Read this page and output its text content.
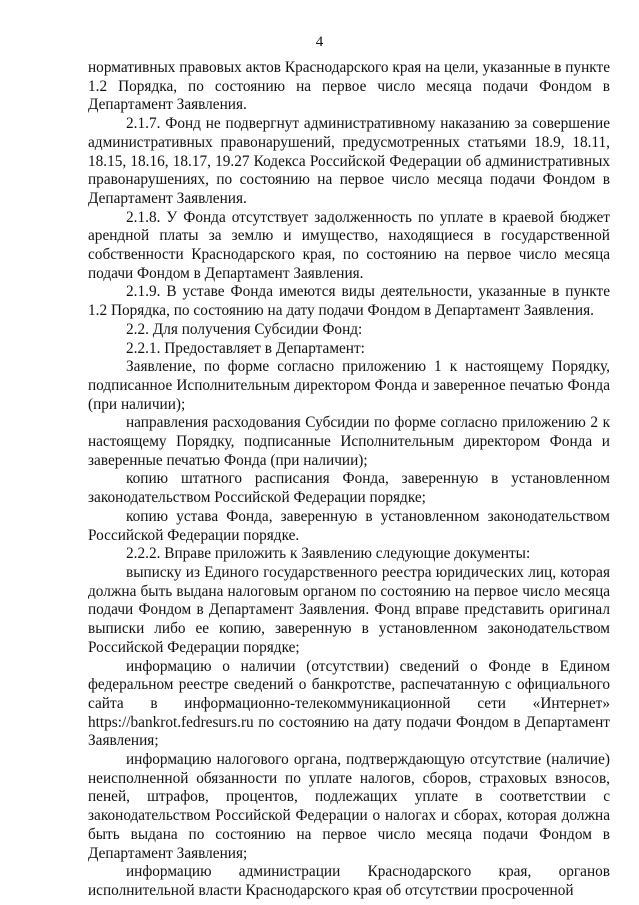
4

нормативных правовых актов Краснодарского края на цели, указанные в пункте 1.2 Порядка, по состоянию на первое число месяца подачи Фондом в Департамент Заявления.

2.1.7. Фонд не подвергнут административному наказанию за совершение административных правонарушений, предусмотренных статьями 18.9, 18.11, 18.15, 18.16, 18.17, 19.27 Кодекса Российской Федерации об административных правонарушениях, по состоянию на первое число месяца подачи Фондом в Департамент Заявления.

2.1.8. У Фонда отсутствует задолженность по уплате в краевой бюджет арендной платы за землю и имущество, находящиеся в государственной собственности Краснодарского края, по состоянию на первое число месяца подачи Фондом в Департамент Заявления.

2.1.9. В уставе Фонда имеются виды деятельности, указанные в пункте 1.2 Порядка, по состоянию на дату подачи Фондом в Департамент Заявления.

2.2. Для получения Субсидии Фонд:

2.2.1. Предоставляет в Департамент:

Заявление, по форме согласно приложению 1 к настоящему Порядку, подписанное Исполнительным директором Фонда и заверенное печатью Фонда (при наличии);

направления расходования Субсидии по форме согласно приложению 2 к настоящему Порядку, подписанные Исполнительным директором Фонда и заверенные печатью Фонда (при наличии);

копию штатного расписания Фонда, заверенную в установленном законодательством Российской Федерации порядке;

копию устава Фонда, заверенную в установленном законодательством Российской Федерации порядке.

2.2.2. Вправе приложить к Заявлению следующие документы:

выписку из Единого государственного реестра юридических лиц, которая должна быть выдана налоговым органом по состоянию на первое число месяца подачи Фондом в Департамент Заявления. Фонд вправе представить оригинал выписки либо ее копию, заверенную в установленном законодательством Российской Федерации порядке;

информацию о наличии (отсутствии) сведений о Фонде в Едином федеральном реестре сведений о банкротстве, распечатанную с официального сайта в информационно-телекоммуникационной сети «Интернет» https://bankrot.fedresurs.ru по состоянию на дату подачи Фондом в Департамент Заявления;

информацию налогового органа, подтверждающую отсутствие (наличие) неисполненной обязанности по уплате налогов, сборов, страховых взносов, пеней, штрафов, процентов, подлежащих уплате в соответствии с законодательством Российской Федерации о налогах и сборах, которая должна быть выдана по состоянию на первое число месяца подачи Фондом в Департамент Заявления;

информацию администрации Краснодарского края, органов исполнительной власти Краснодарского края об отсутствии просроченной
